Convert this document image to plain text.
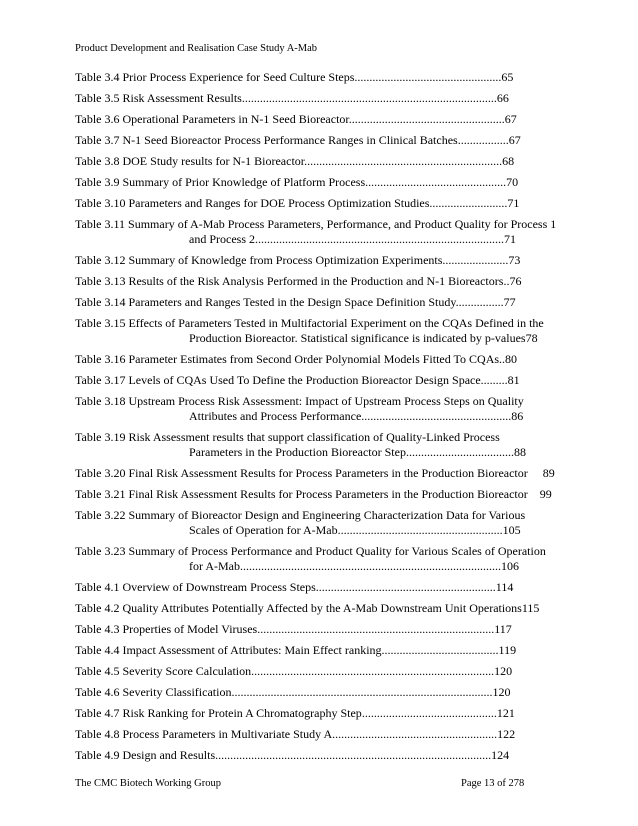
Product Development and Realisation Case Study A-Mab
Table 3.4 Prior Process Experience for Seed Culture Steps.................................................65
Table 3.5 Risk Assessment Results.....................................................................................66
Table 3.6 Operational Parameters in N-1 Seed Bioreactor....................................................67
Table 3.7 N-1 Seed Bioreactor Process Performance Ranges in Clinical Batches.................67
Table 3.8 DOE Study results for N-1 Bioreactor..................................................................68
Table 3.9 Summary of Prior Knowledge of Platform Process...............................................70
Table 3.10 Parameters and Ranges for DOE Process Optimization Studies..........................71
Table 3.11 Summary of A-Mab Process Parameters, Performance, and Product Quality for Process 1
and Process 2...................................................................................71
Table 3.12 Summary of Knowledge from Process Optimization Experiments......................73
Table 3.13 Results of the Risk Analysis Performed in the Production and N-1 Bioreactors..76
Table 3.14 Parameters and Ranges Tested in the Design Space Definition Study................77
Table 3.15 Effects of Parameters Tested in Multifactorial Experiment on the CQAs Defined in the
Production Bioreactor. Statistical significance is indicated by p-values78
Table 3.16 Parameter Estimates from Second Order Polynomial Models Fitted To CQAs..80
Table 3.17 Levels of CQAs Used To Define the Production Bioreactor Design Space.........81
Table 3.18 Upstream Process Risk Assessment: Impact of Upstream Process Steps on Quality
Attributes and Process Performance..................................................86
Table 3.19 Risk Assessment results that support classification of Quality-Linked Process
Parameters in the Production Bioreactor Step....................................88
Table 3.20 Final Risk Assessment Results for Process Parameters in the Production Bioreactor 89
Table 3.21 Final Risk Assessment Results for Process Parameters in the Production Bioreactor 99
Table 3.22 Summary of Bioreactor Design and Engineering Characterization Data for Various
Scales of Operation for A-Mab.......................................................105
Table 3.23 Summary of Process Performance and Product Quality for Various Scales of Operation
for A-Mab.......................................................................................106
Table 4.1 Overview of Downstream Process Steps............................................................114
Table 4.2 Quality Attributes Potentially Affected by the A-Mab Downstream Unit Operations115
Table 4.3 Properties of Model Viruses...............................................................................117
Table 4.4 Impact Assessment of Attributes: Main Effect ranking.......................................119
Table 4.5 Severity Score Calculation.................................................................................120
Table 4.6 Severity Classification.......................................................................................120
Table 4.7 Risk Ranking for Protein A Chromatography Step.............................................121
Table 4.8 Process Parameters in Multivariate Study A.......................................................122
Table 4.9 Design and Results............................................................................................124
The CMC Biotech Working Group	Page 13 of 278
